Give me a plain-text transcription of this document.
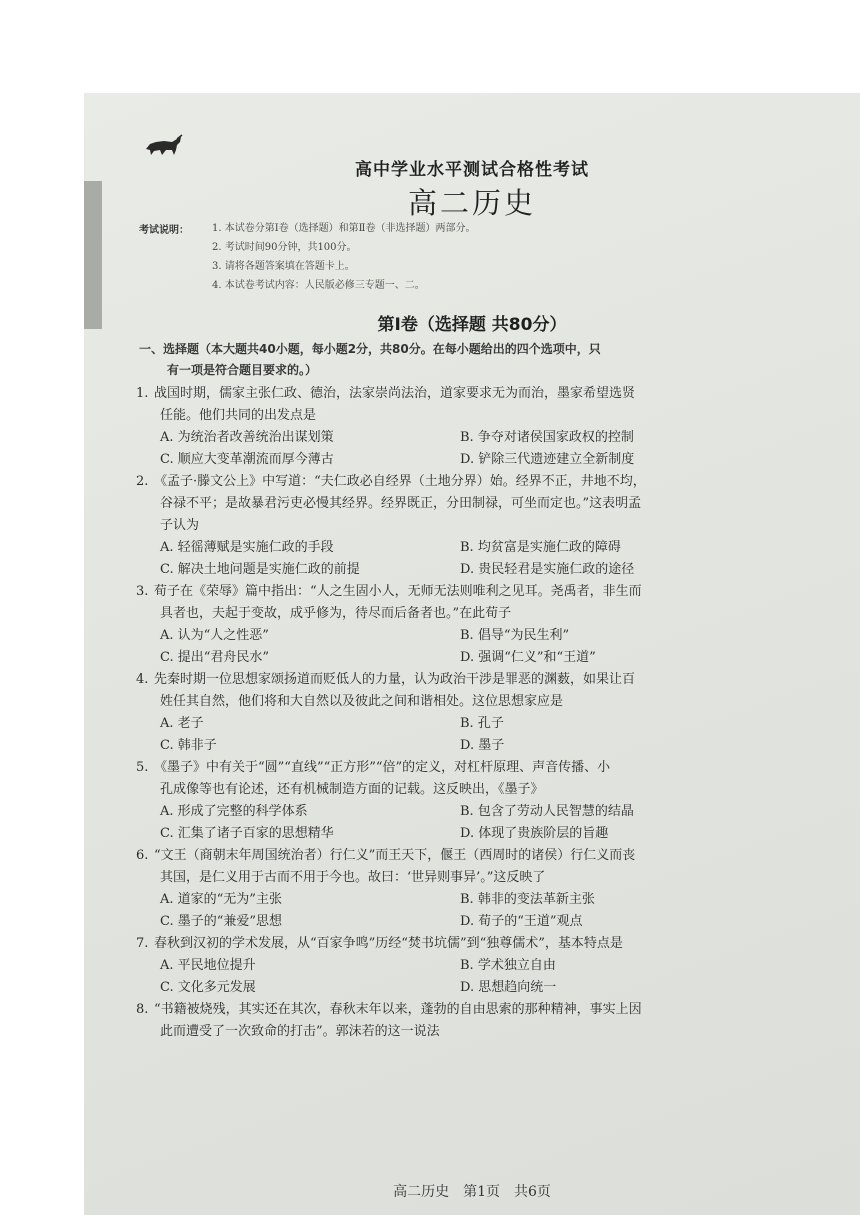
高中学业水平测试合格性考试
高二历史
考试说明： 1. 本试卷分第Ⅰ卷（选择题）和第Ⅱ卷（非选择题）两部分。
2. 考试时间90分钟，共100分。
3. 请将各题答案填在答题卡上。
4. 本试卷考试内容：人民版必修三专题一、二。
第Ⅰ卷（选择题 共80分）
一、选择题（本大题共40小题，每小题2分，共80分。在每小题给出的四个选项中，只
有一项是符合题目要求的。）
1. 战国时期，儒家主张仁政、德治，法家崇尚法治，道家要求无为而治，墨家希望选贤
任能。他们共同的出发点是
A. 为统治者改善统治出谋划策	B. 争夺对诸侯国家政权的控制
C. 顺应大变革潮流而厚今薄古	D. 铲除三代遗迹建立全新制度
2. 《孟子·滕文公上》中写道：“夫仁政必自经界（土地分界）始。经界不正，井地不均，
谷禄不平；是故暴君污吏必慢其经界。经界既正，分田制禄，可坐而定也。”这表明孟
子认为
A. 轻徭薄赋是实施仁政的手段	B. 均贫富是实施仁政的障碍
C. 解决土地问题是实施仁政的前提	D. 贵民轻君是实施仁政的途径
3. 荀子在《荣辱》篇中指出：“人之生固小人，无师无法则唯利之见耳。尧禹者，非生而
具者也，夫起于变故，成乎修为，待尽而后备者也。”在此荀子
A. 认为“人之性恶”	B. 倡导“为民生利”
C. 提出“君舟民水”	D. 强调“仁义”和“王道”
4. 先秦时期一位思想家颂扬道而贬低人的力量，认为政治干涉是罪恶的渊薮，如果让百
姓任其自然，他们将和大自然以及彼此之间和谐相处。这位思想家应是
A. 老子	B. 孔子
C. 韩非子	D. 墨子
5. 《墨子》中有关于“圆”“直线”“正方形”“倍”的定义，对杠杆原理、声音传播、小
孔成像等也有论述，还有机械制造方面的记载。这反映出，《墨子》
A. 形成了完整的科学体系	B. 包含了劳动人民智慧的结晶
C. 汇集了诸子百家的思想精华	D. 体现了贵族阶层的旨趣
6. “文王（商朝末年周国统治者）行仁义”而王天下，偃王（西周时的诸侯）行仁义而丧
其国，是仁义用于古而不用于今也。故曰：‘世异则事异’。”这反映了
A. 道家的“无为”主张	B. 韩非的变法革新主张
C. 墨子的“兼爱”思想	D. 荀子的“王道”观点
7. 春秋到汉初的学术发展，从“百家争鸣”历经“焚书坑儒”到“独尊儒术”，基本特点是
A. 平民地位提升	B. 学术独立自由
C. 文化多元发展	D. 思想趋向统一
8. “书籍被烧残，其实还在其次，春秋末年以来，蓬勃的自由思索的那种精神，事实上因
此而遭受了一次致命的打击”。郭沫若的这一说法
高二历史　第1页　共6页
